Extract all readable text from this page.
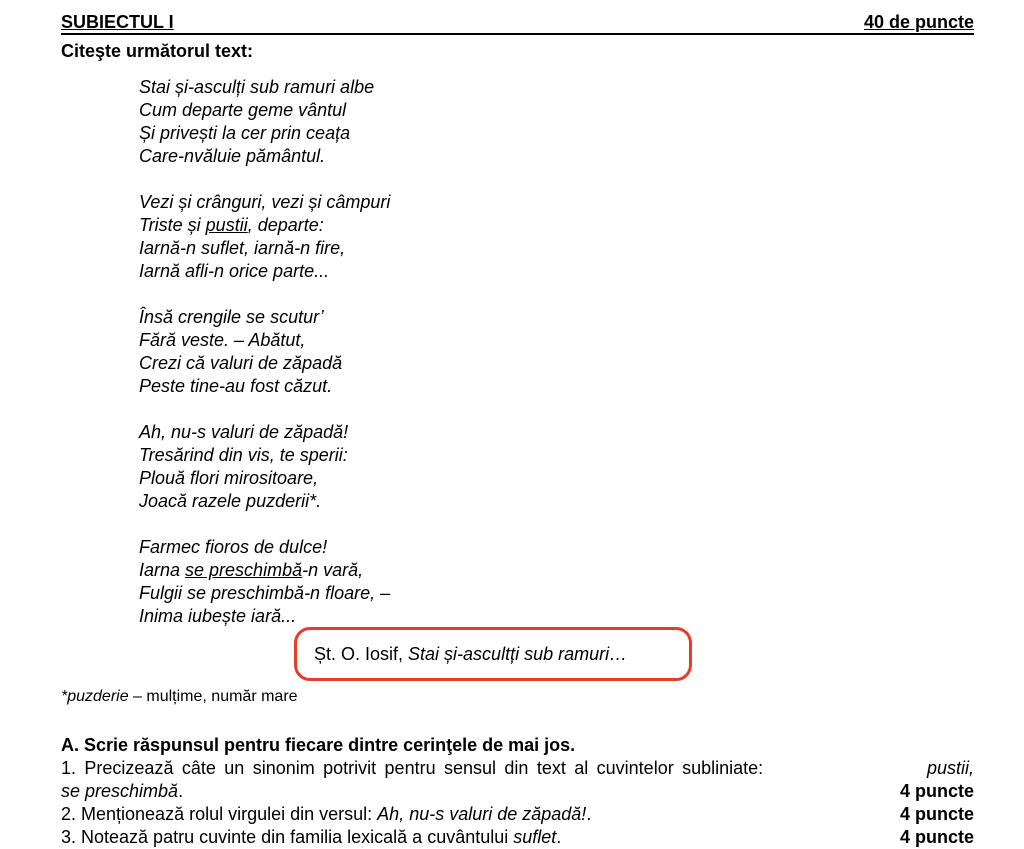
SUBIECTUL I	40 de puncte
Citeşte următorul text:
Stai și-asculți sub ramuri albe
Cum departe geme vântul
Și privești la cer prin ceața
Care-nvăluie pământul.
Vezi și crânguri, vezi și câmpuri
Triste și pustii, departe:
Iarnă-n suflet, iarnă-n fire,
Iarnă afli-n orice parte...
Însă crengile se scutur’
Fără veste. – Abătut,
Crezi că valuri de zăpadă
Peste tine-au fost căzut.
Ah, nu-s valuri de zăpadă!
Tresărind din vis, te sperii:
Plouă flori mirositoare,
Joacă razele puzderii*.
Farmec fioros de dulce!
Iarna se preschimbă-n vară,
Fulgii se preschimbă-n floare, –
Inima iubește iară...
Șt. O. Iosif, Stai și-ascultți sub ramuri…
*puzderie – mulțime, număr mare
A. Scrie răspunsul pentru fiecare dintre cerinţele de mai jos.
1. Precizează câte un sinonim potrivit pentru sensul din text al cuvintelor subliniate:	pustii,
se preschimbă.	4 puncte
2. Menționează rolul virgulei din versul: Ah, nu-s valuri de zăpadă!.	4 puncte
3. Notează patru cuvinte din familia lexicală a cuvântului suflet.	4 puncte
